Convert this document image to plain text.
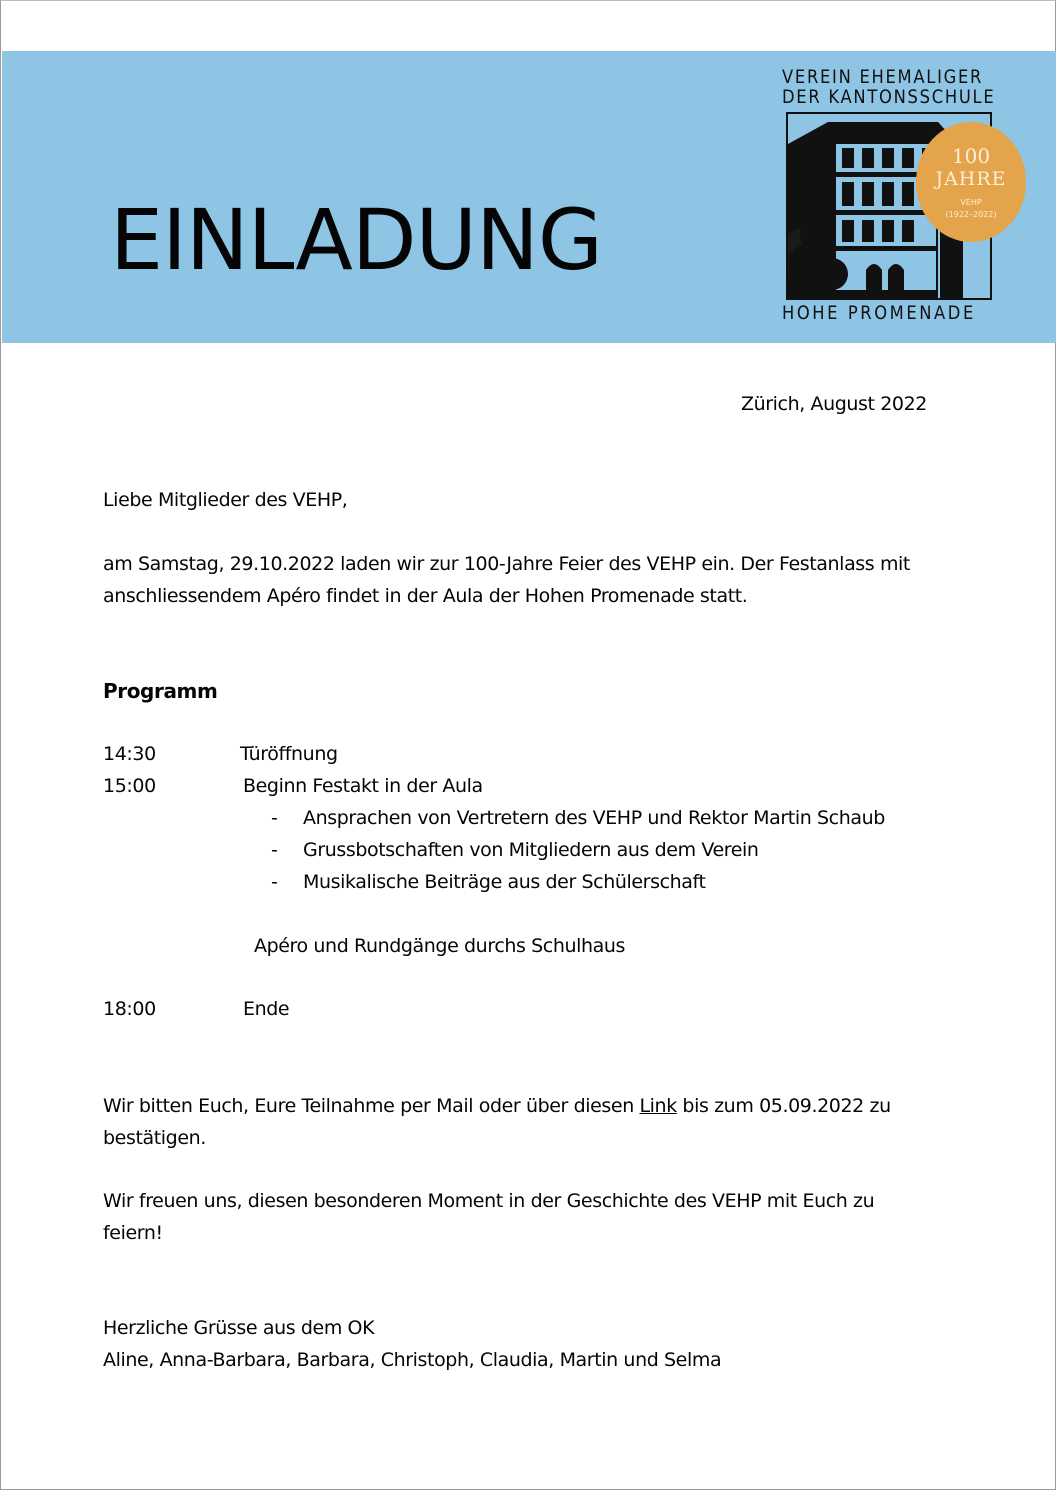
EINLADUNG
VEREIN EHEMALIGER
DER KANTONSSCHULE
HOHE PROMENADE
100
JAHRE
VEHP
(1922–2022)
Zürich, August 2022
Liebe Mitglieder des VEHP,
am Samstag, 29.10.2022 laden wir zur 100-Jahre Feier des VEHP ein. Der Festanlass mit
anschliessendem Apéro findet in der Aula der Hohen Promenade statt.
Programm
14:30	Türöffnung
15:00	Beginn Festakt in der Aula
- Ansprachen von Vertretern des VEHP und Rektor Martin Schaub
- Grussbotschaften von Mitgliedern aus dem Verein
- Musikalische Beiträge aus der Schülerschaft
Apéro und Rundgänge durchs Schulhaus
18:00	Ende
Wir bitten Euch, Eure Teilnahme per Mail oder über diesen Link bis zum 05.09.2022 zu
bestätigen.
Wir freuen uns, diesen besonderen Moment in der Geschichte des VEHP mit Euch zu
feiern!
Herzliche Grüsse aus dem OK
Aline, Anna-Barbara, Barbara, Christoph, Claudia, Martin und Selma
